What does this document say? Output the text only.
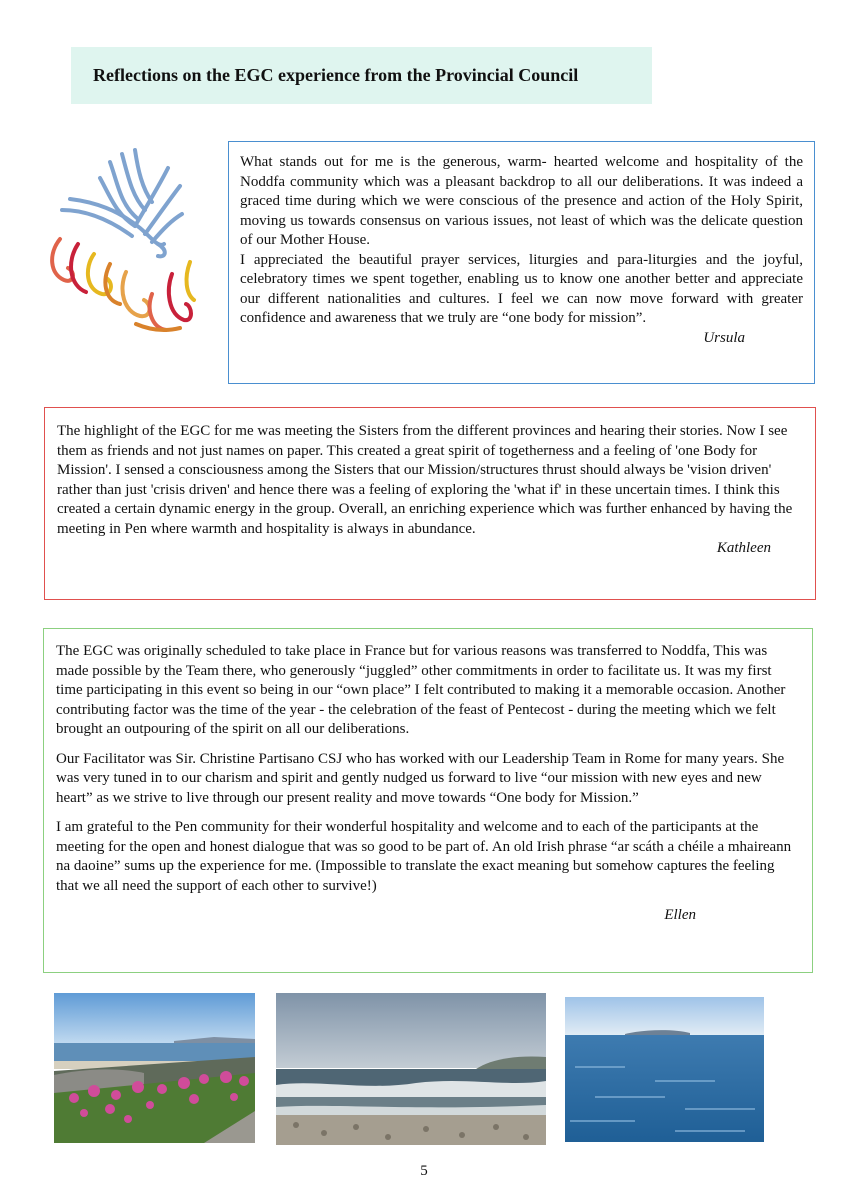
Reflections on the EGC experience from the Provincial Council

What stands out for me is the generous, warm- hearted welcome and hospitality of the Noddfa community which was a pleasant backdrop to all our deliberations. It was indeed a graced time during which we were conscious of the presence and action of the Holy Spirit, moving us towards consensus on various issues, not least of which was the delicate question of our Mother House.

I appreciated the beautiful prayer services, liturgies and para-liturgies and the joyful, celebratory times we spent together, enabling us to know one another better and appreciate our different nationalities and cultures. I feel we can now move forward with greater confidence and awareness that we truly are “one body for mission”.

Ursula

The highlight of the EGC for me was meeting the Sisters from the different provinces and hearing their stories. Now I see them as friends and not just names on paper. This created a great spirit of togetherness and a feeling of 'one Body for Mission'. I sensed a consciousness among the Sisters that our Mission/structures thrust should always be 'vision driven' rather than just 'crisis driven' and hence there was a feeling of exploring the 'what if' in these uncertain times. I think this created a certain dynamic energy in the group. Overall, an enriching experience which was further enhanced by having the meeting in Pen where warmth and hospitality is always in abundance.

Kathleen

The EGC was originally scheduled to take place in France but for various reasons was transferred to Noddfa, This was made possible by the Team there, who generously “juggled” other commitments in order to facilitate us. It was my first time participating in this event so being in our “own place” I felt contributed to making it a memorable occasion. Another contributing factor was the time of the year - the celebration of the feast of Pentecost - during the meeting which we felt brought an outpouring of the spirit on all our deliberations.

Our Facilitator was Sir. Christine Partisano CSJ who has worked with our Leadership Team in Rome for many years. She was very tuned in to our charism and spirit and gently nudged us forward to live “our mission with new eyes and new heart” as we strive to live through our present reality and move towards “One body for Mission.”

I am grateful to the Pen community for their wonderful hospitality and welcome and to each of the participants at the meeting for the open and honest dialogue that was so good to be part of. An old Irish phrase “ar scáth a chéile a mhaireann na daoine” sums up the experience for me. (Impossible to translate the exact meaning but somehow captures the feeling that we all need the support of each other to survive!)

Ellen

5
